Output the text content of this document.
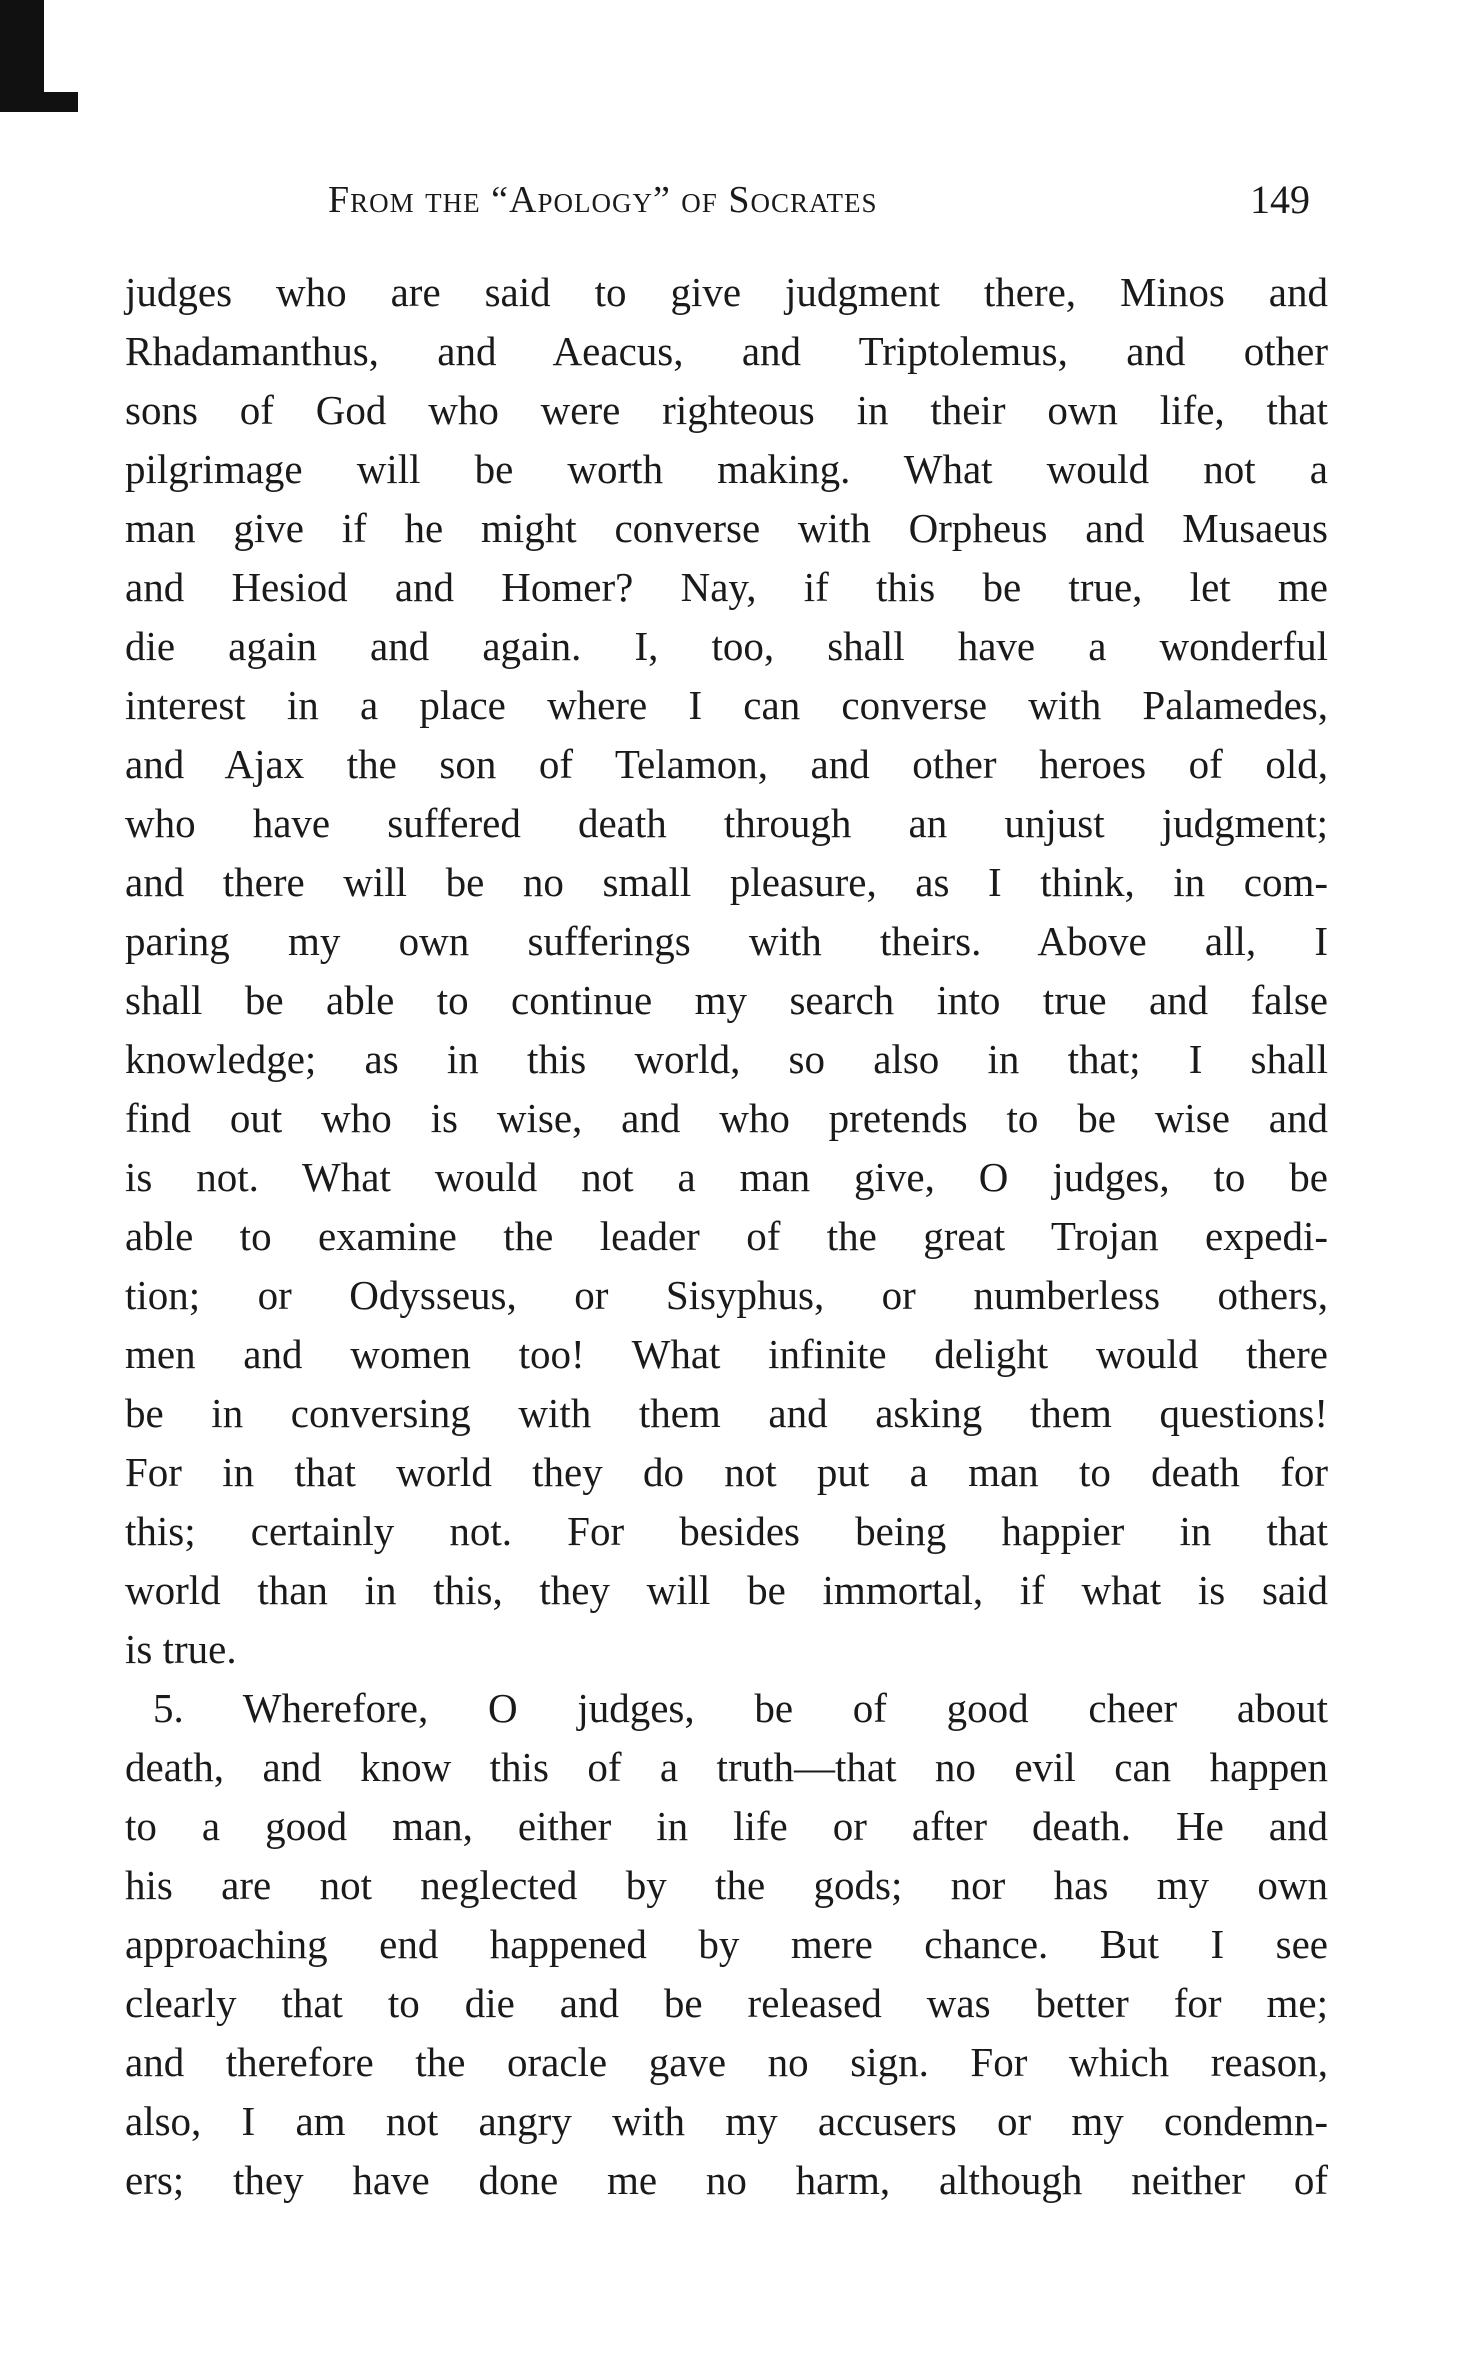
From the “Apology” of Socrates	149
judges who are said to give judgment there, Minos and
Rhadamanthus, and Aeacus, and Triptolemus, and other
sons of God who were righteous in their own life, that
pilgrimage will be worth making. What would not a
man give if he might converse with Orpheus and Musaeus
and Hesiod and Homer? Nay, if this be true, let me
die again and again. I, too, shall have a wonderful
interest in a place where I can converse with Palamedes,
and Ajax the son of Telamon, and other heroes of old,
who have suffered death through an unjust judgment;
and there will be no small pleasure, as I think, in com-
paring my own sufferings with theirs. Above all, I
shall be able to continue my search into true and false
knowledge; as in this world, so also in that; I shall
find out who is wise, and who pretends to be wise and
is not. What would not a man give, O judges, to be
able to examine the leader of the great Trojan expedi-
tion; or Odysseus, or Sisyphus, or numberless others,
men and women too! What infinite delight would there
be in conversing with them and asking them questions!
For in that world they do not put a man to death for
this; certainly not. For besides being happier in that
world than in this, they will be immortal, if what is said
is true.
5. Wherefore, O judges, be of good cheer about
death, and know this of a truth—that no evil can happen
to a good man, either in life or after death. He and
his are not neglected by the gods; nor has my own
approaching end happened by mere chance. But I see
clearly that to die and be released was better for me;
and therefore the oracle gave no sign. For which reason,
also, I am not angry with my accusers or my condemn-
ers; they have done me no harm, although neither of
